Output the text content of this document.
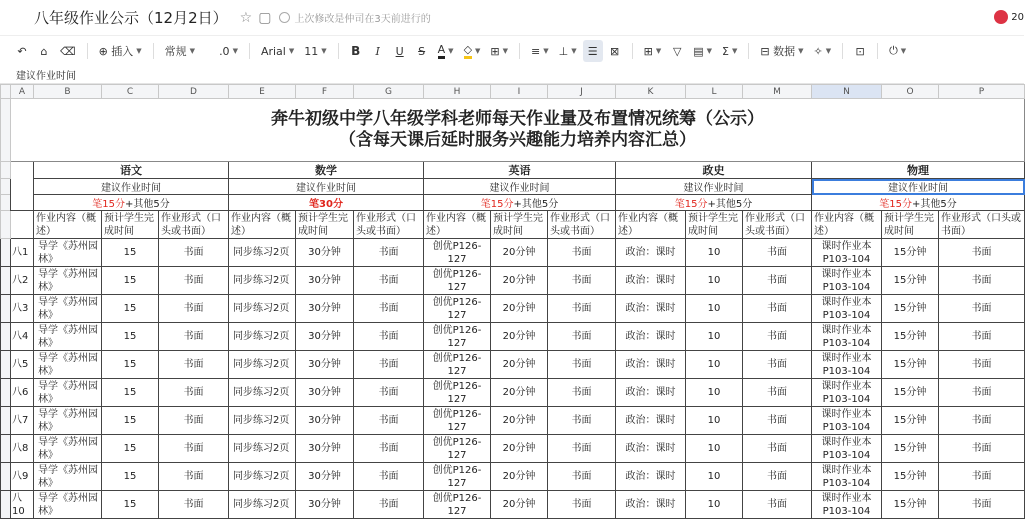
八年级作业公示（12月2日） ☆ ▢ 上次修改是仲司在3天前进行的	20
↶	⌂	⌫	⊕
插入 ▼ 常规 ▼ .0 ▼ Arial ▼ 11 ▼	B	I	U	S	A ▼ ◇ ▼ ⊞ ▼ ≡ ▼ ⊥ ▼ ☰ ⊠ ⊞ ▼ ▽ ▤ ▼ Σ ▼ ⊟
数据 ▼ ✧ ▼ ⊡ ⏻ ▼
建议作业时间
	A	B	C	D	E	F	G	H	I	J	K	L	M	N	O	P

	奔牛初级中学八年级学科老师每天作业量及布置情况统筹（公示）
（含每天课后延时服务兴趣能力培养内容汇总）															

		语文			数学			英语			政史			物理		
		建议作业时间			建议作业时间			建议作业时间			建议作业时间			建议作业时间		
		笔15分+其他5分			笔30分			笔15分+其他5分			笔15分+其他5分			笔15分+其他5分		
		作业内容（概述）	预计学生完成时间	作业形式（口头或书面）	作业内容（概述）	预计学生完成时间	作业形式（口头或书面）	作业内容（概述）	预计学生完成时间	作业形式（口头或书面）	作业内容（概述）	预计学生完成时间	作业形式（口头或书面）	作业内容（概述）	预计学生完成时间	作业形式（口头或书面）
	八1	导学《苏州园林》	15	书面	同步练习2页	30分钟	书面	创优P126-127	20分钟	书面	政治：课时	10	书面	课时作业本P103-104	15分钟	书面
	八2	导学《苏州园林》	15	书面	同步练习2页	30分钟	书面	创优P126-127	20分钟	书面	政治：课时	10	书面	课时作业本P103-104	15分钟	书面
	八3	导学《苏州园林》	15	书面	同步练习2页	30分钟	书面	创优P126-127	20分钟	书面	政治：课时	10	书面	课时作业本P103-104	15分钟	书面
	八4	导学《苏州园林》	15	书面	同步练习2页	30分钟	书面	创优P126-127	20分钟	书面	政治：课时	10	书面	课时作业本P103-104	15分钟	书面
	八5	导学《苏州园林》	15	书面	同步练习2页	30分钟	书面	创优P126-127	20分钟	书面	政治：课时	10	书面	课时作业本P103-104	15分钟	书面
	八6	导学《苏州园林》	15	书面	同步练习2页	30分钟	书面	创优P126-127	20分钟	书面	政治：课时	10	书面	课时作业本P103-104	15分钟	书面
	八7	导学《苏州园林》	15	书面	同步练习2页	30分钟	书面	创优P126-127	20分钟	书面	政治：课时	10	书面	课时作业本P103-104	15分钟	书面
	八8	导学《苏州园林》	15	书面	同步练习2页	30分钟	书面	创优P126-127	20分钟	书面	政治：课时	10	书面	课时作业本P103-104	15分钟	书面
	八9	导学《苏州园林》	15	书面	同步练习2页	30分钟	书面	创优P126-127	20分钟	书面	政治：课时	10	书面	课时作业本P103-104	15分钟	书面
	八10	导学《苏州园林》	15	书面	同步练习2页	30分钟	书面	创优P126-127	20分钟	书面	政治：课时	10	书面	课时作业本P103-104	15分钟	书面
